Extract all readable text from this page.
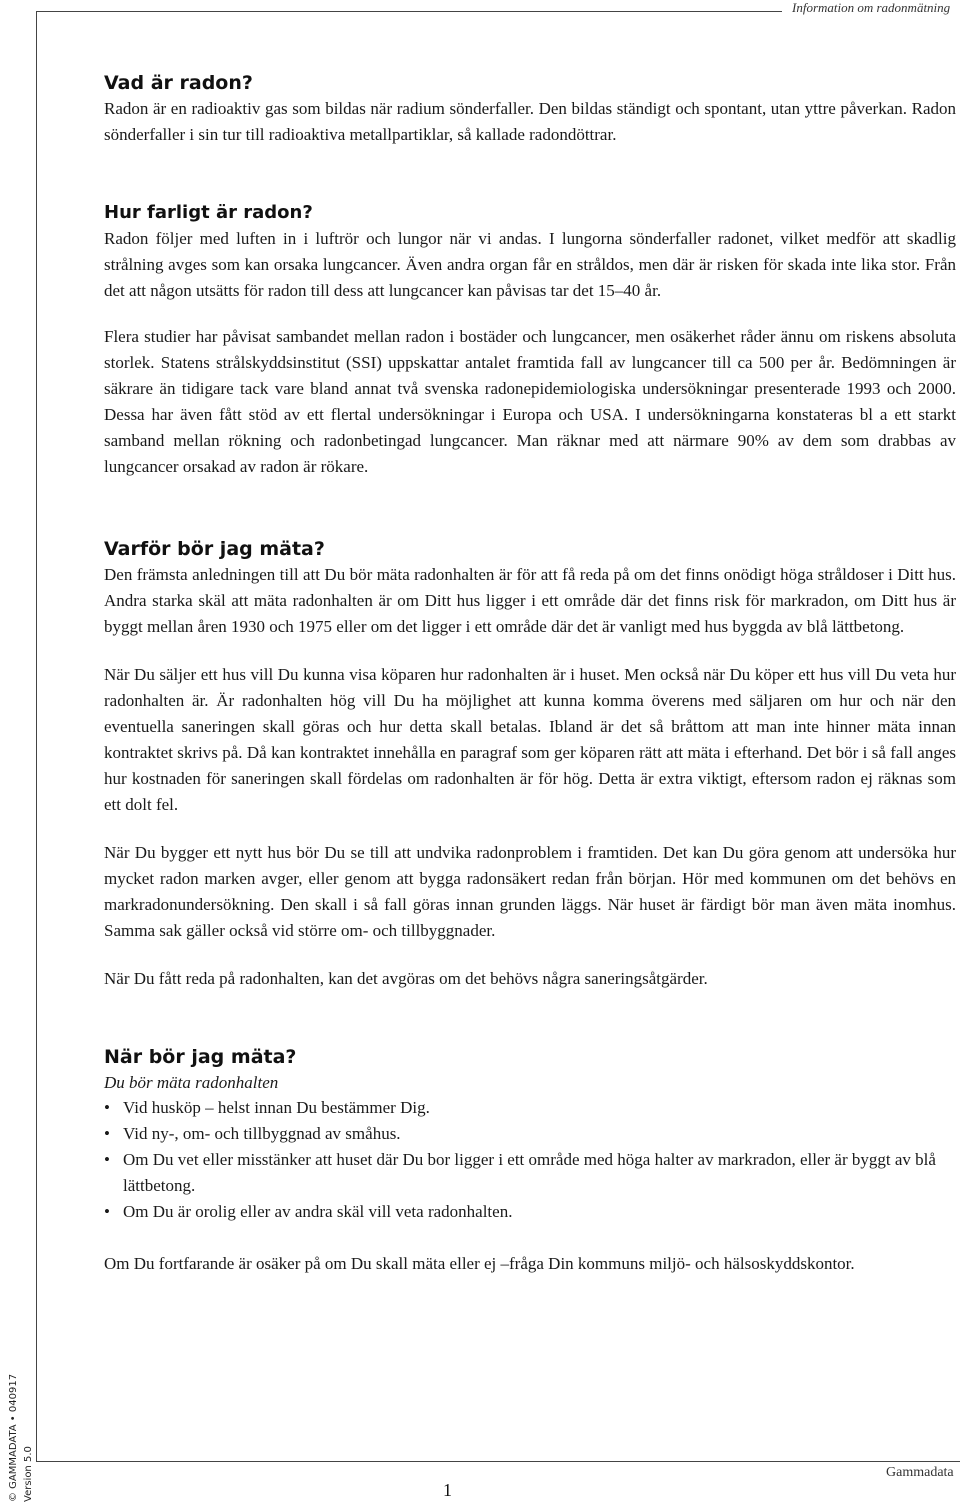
Information om radonmätning
Vad är radon?

Radon är en radioaktiv gas som bildas när radium sönderfaller. Den bildas ständigt och spontant, utan yttre påverkan. Radon sönderfaller i sin tur till radioaktiva metallpartiklar, så kallade radondöttrar.

Hur farligt är radon?

Radon följer med luften in i luftrör och lungor när vi andas. I lungorna sönderfaller radonet, vilket medför att skadlig strålning avges som kan orsaka lungcancer. Även andra organ får en stråldos, men där är risken för skada inte lika stor. Från det att någon utsätts för radon till dess att lungcancer kan påvisas tar det 15–40 år.

Flera studier har påvisat sambandet mellan radon i bostäder och lungcancer, men osäkerhet råder ännu om riskens absoluta storlek. Statens strålskyddsinstitut (SSI) uppskattar antalet framtida fall av lungcancer till ca 500 per år. Bedömningen är säkrare än tidigare tack vare bland annat två svenska radonepidemiologiska undersökningar presenterade 1993 och 2000. Dessa har även fått stöd av ett flertal undersökningar i Europa och USA. I undersökningarna konstateras bl a ett starkt samband mellan rökning och radonbetingad lungcancer. Man räknar med att närmare 90% av dem som drabbas av lungcancer orsakad av radon är rökare.

Varför bör jag mäta?

Den främsta anledningen till att Du bör mäta radonhalten är för att få reda på om det finns onödigt höga stråldoser i Ditt hus. Andra starka skäl att mäta radonhalten är om Ditt hus ligger i ett område där det finns risk för markradon, om Ditt hus är byggt mellan åren 1930 och 1975 eller om det ligger i ett område där det är vanligt med hus byggda av blå lättbetong.

När Du säljer ett hus vill Du kunna visa köparen hur radonhalten är i huset. Men också när Du köper ett hus vill Du veta hur radonhalten är. Är radonhalten hög vill Du ha möjlighet att kunna komma överens med säljaren om hur och när den eventuella saneringen skall göras och hur detta skall betalas. Ibland är det så bråttom att man inte hinner mäta innan kontraktet skrivs på. Då kan kontraktet innehålla en paragraf som ger köparen rätt att mäta i efterhand. Det bör i så fall anges hur kostnaden för saneringen skall fördelas om radonhalten är för hög. Detta är extra viktigt, eftersom radon ej räknas som ett dolt fel.

När Du bygger ett nytt hus bör Du se till att undvika radonproblem i framtiden. Det kan Du göra genom att undersöka hur mycket radon marken avger, eller genom att bygga radonsäkert redan från början. Hör med kommunen om det behövs en markradonundersökning. Den skall i så fall göras innan grunden läggs. När huset är färdigt bör man även mäta inomhus. Samma sak gäller också vid större om- och tillbyggnader.

När Du fått reda på radonhalten, kan det avgöras om det behövs några saneringsåtgärder.

När bör jag mäta?

Du bör mäta radonhalten

• Vid husköp – helst innan Du bestämmer Dig.
• Vid ny-, om- och tillbyggnad av småhus.
• Om Du vet eller misstänker att huset där Du bor ligger i ett område med höga halter av markradon, eller är byggt av blå lättbetong.
• Om Du är orolig eller av andra skäl vill veta radonhalten.

Om Du fortfarande är osäker på om Du skall mäta eller ej –fråga Din kommuns miljö- och hälsoskyddskontor.

© GAMMADATA • 040917 Version 5.0	Gammadata
1
